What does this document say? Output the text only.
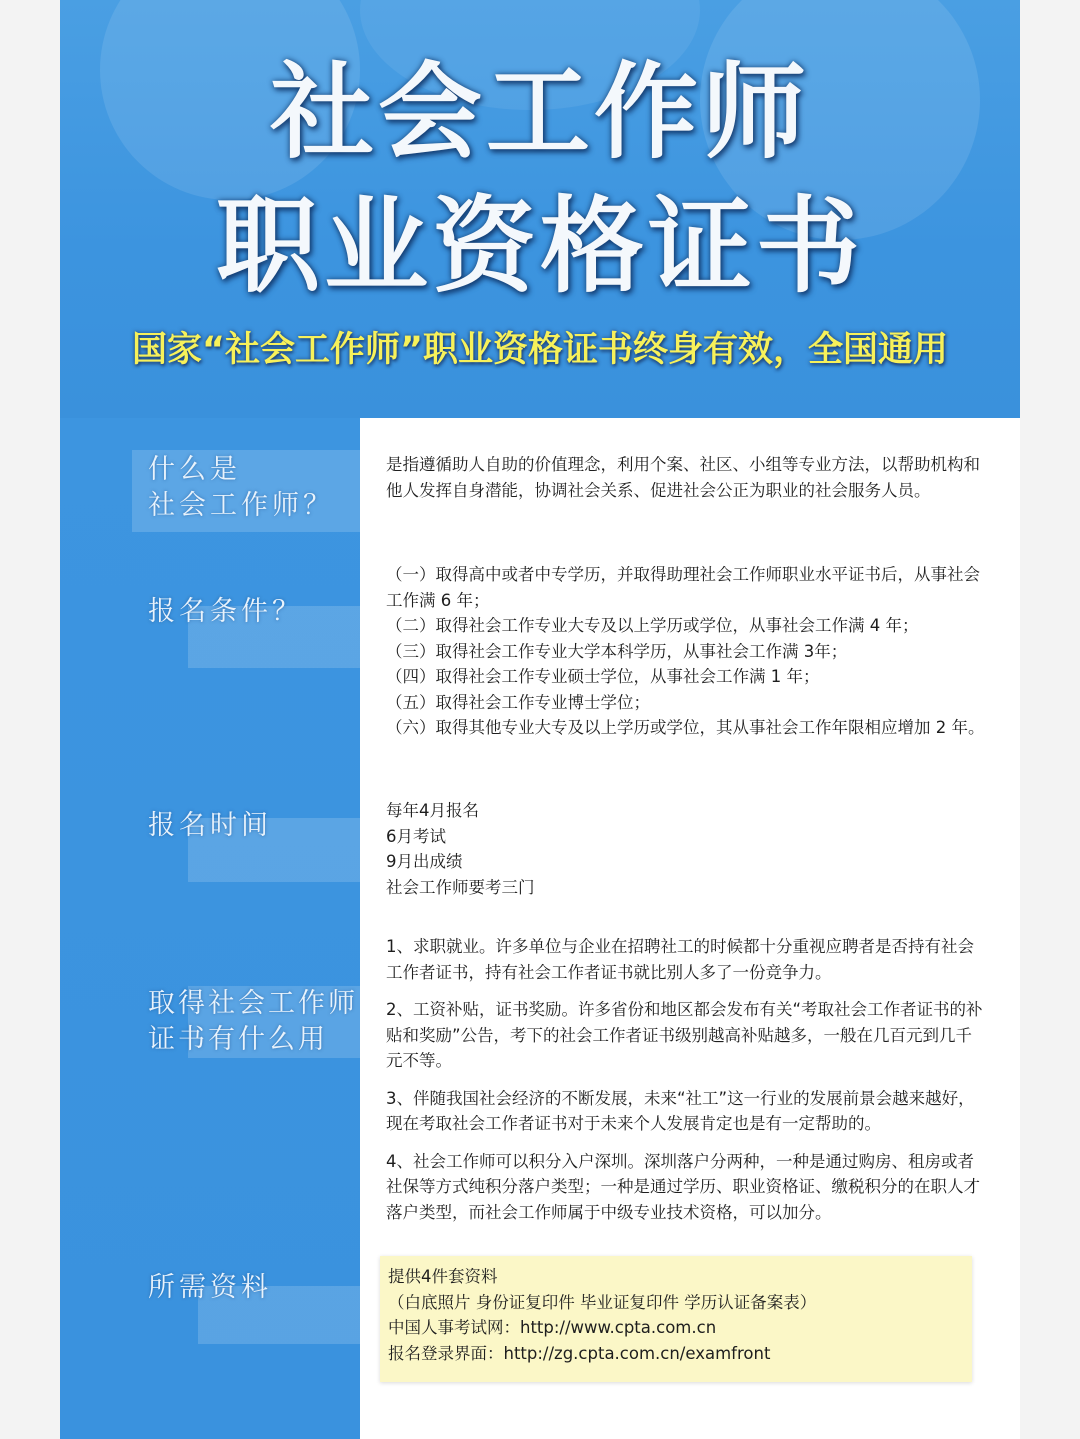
社会工作师
职业资格证书
国家“社会工作师”职业资格证书终身有效，全国通用
什么是
社会工作师？
报名条件？
报名时间
取得社会工作师
证书有什么用
所需资料

是指遵循助人自助的价值理念，利用个案、社区、小组等专业方法，以帮助机构和他人发挥自身潜能，协调社会关系、促进社会公正为职业的社会服务人员。

（一）取得高中或者中专学历，并取得助理社会工作师职业水平证书后，从事社会工作满 6 年；

（二）取得社会工作专业大专及以上学历或学位，从事社会工作满 4 年；

（三）取得社会工作专业大学本科学历，从事社会工作满 3年；

（四）取得社会工作专业硕士学位，从事社会工作满 1 年；

（五）取得社会工作专业博士学位；

（六）取得其他专业大专及以上学历或学位，其从事社会工作年限相应增加 2 年。

每年4月报名

6月考试

9月出成绩

社会工作师要考三门

1、求职就业。许多单位与企业在招聘社工的时候都十分重视应聘者是否持有社会工作者证书，持有社会工作者证书就比别人多了一份竞争力。

2、工资补贴，证书奖励。许多省份和地区都会发布有关“考取社会工作者证书的补贴和奖励”公告，考下的社会工作者证书级别越高补贴越多，一般在几百元到几千元不等。

3、伴随我国社会经济的不断发展，未来“社工”这一行业的发展前景会越来越好，现在考取社会工作者证书对于未来个人发展肯定也是有一定帮助的。

4、社会工作师可以积分入户深圳。深圳落户分两种，一种是通过购房、租房或者社保等方式纯积分落户类型；一种是通过学历、职业资格证、缴税积分的在职人才落户类型，而社会工作师属于中级专业技术资格，可以加分。

提供4件套资料

（白底照片 身份证复印件 毕业证复印件 学历认证备案表）

中国人事考试网：http://www.cpta.com.cn

报名登录界面：http://zg.cpta.com.cn/examfront
